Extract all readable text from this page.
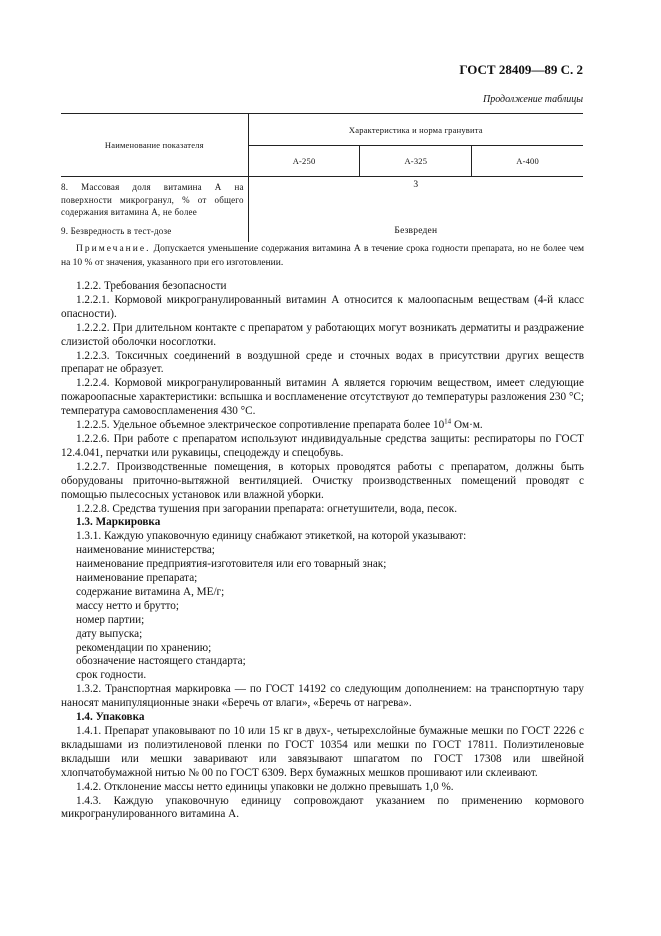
ГОСТ 28409—89 С. 2
Продолжение таблицы
Наименование показателя	Характеристика и норма гранувита		
	А-250	А-325	А-400
8. Массовая доля витамина А на поверхности микрогранул, % от общего содержания витамина А, не более	3		
9. Безвредность в тест-дозе	Безвреден		
Примечание. Допускается уменьшение содержания витамина А в течение срока годности препарата, но не более чем на 10 % от значения, указанного при его изготовлении.

1.2.2. Требования безопасности

1.2.2.1. Кормовой микрогранулированный витамин А относится к малоопасным веществам (4-й класс опасности).

1.2.2.2. При длительном контакте с препаратом у работающих могут возникать дерматиты и раздражение слизистой оболочки носоглотки.

1.2.2.3. Токсичных соединений в воздушной среде и сточных водах в присутствии других веществ препарат не образует.

1.2.2.4. Кормовой микрогранулированный витамин А является горючим веществом, имеет следующие пожароопасные характеристики: вспышка и воспламенение отсутствуют до температуры разложения 230 °С; температура самовоспламенения 430 °С.

1.2.2.5. Удельное объемное электрическое сопротивление препарата более $10^{14}$ Ом·м.

1.2.2.6. При работе с препаратом используют индивидуальные средства защиты: респираторы по ГОСТ 12.4.041, перчатки или рукавицы, спецодежду и спецобувь.

1.2.2.7. Производственные помещения, в которых проводятся работы с препаратом, должны быть оборудованы приточно-вытяжной вентиляцией. Очистку производственных помещений проводят с помощью пылесосных установок или влажной уборки.

1.2.2.8. Средства тушения при загорании препарата: огнетушители, вода, песок.

1.3. Маркировка

1.3.1. Каждую упаковочную единицу снабжают этикеткой, на которой указывают:

наименование министерства;

наименование предприятия-изготовителя или его товарный знак;

наименование препарата;

содержание витамина А, МЕ/г;

массу нетто и брутто;

номер партии;

дату выпуска;

рекомендации по хранению;

обозначение настоящего стандарта;

срок годности.

1.3.2. Транспортная маркировка — по ГОСТ 14192 со следующим дополнением: на транспортную тару наносят манипуляционные знаки «Беречь от влаги», «Беречь от нагрева».

1.4. Упаковка

1.4.1. Препарат упаковывают по 10 или 15 кг в двух-, четырехслойные бумажные мешки по ГОСТ 2226 с вкладышами из полиэтиленовой пленки по ГОСТ 10354 или мешки по ГОСТ 17811. Полиэтиленовые вкладыши или мешки заваривают или завязывают шпагатом по ГОСТ 17308 или швейной хлопчатобумажной нитью № 00 по ГОСТ 6309. Верх бумажных мешков прошивают или склеивают.

1.4.2. Отклонение массы нетто единицы упаковки не должно превышать 1,0 %.

1.4.3. Каждую упаковочную единицу сопровождают указанием по применению кормового микрогранулированного витамина А.
